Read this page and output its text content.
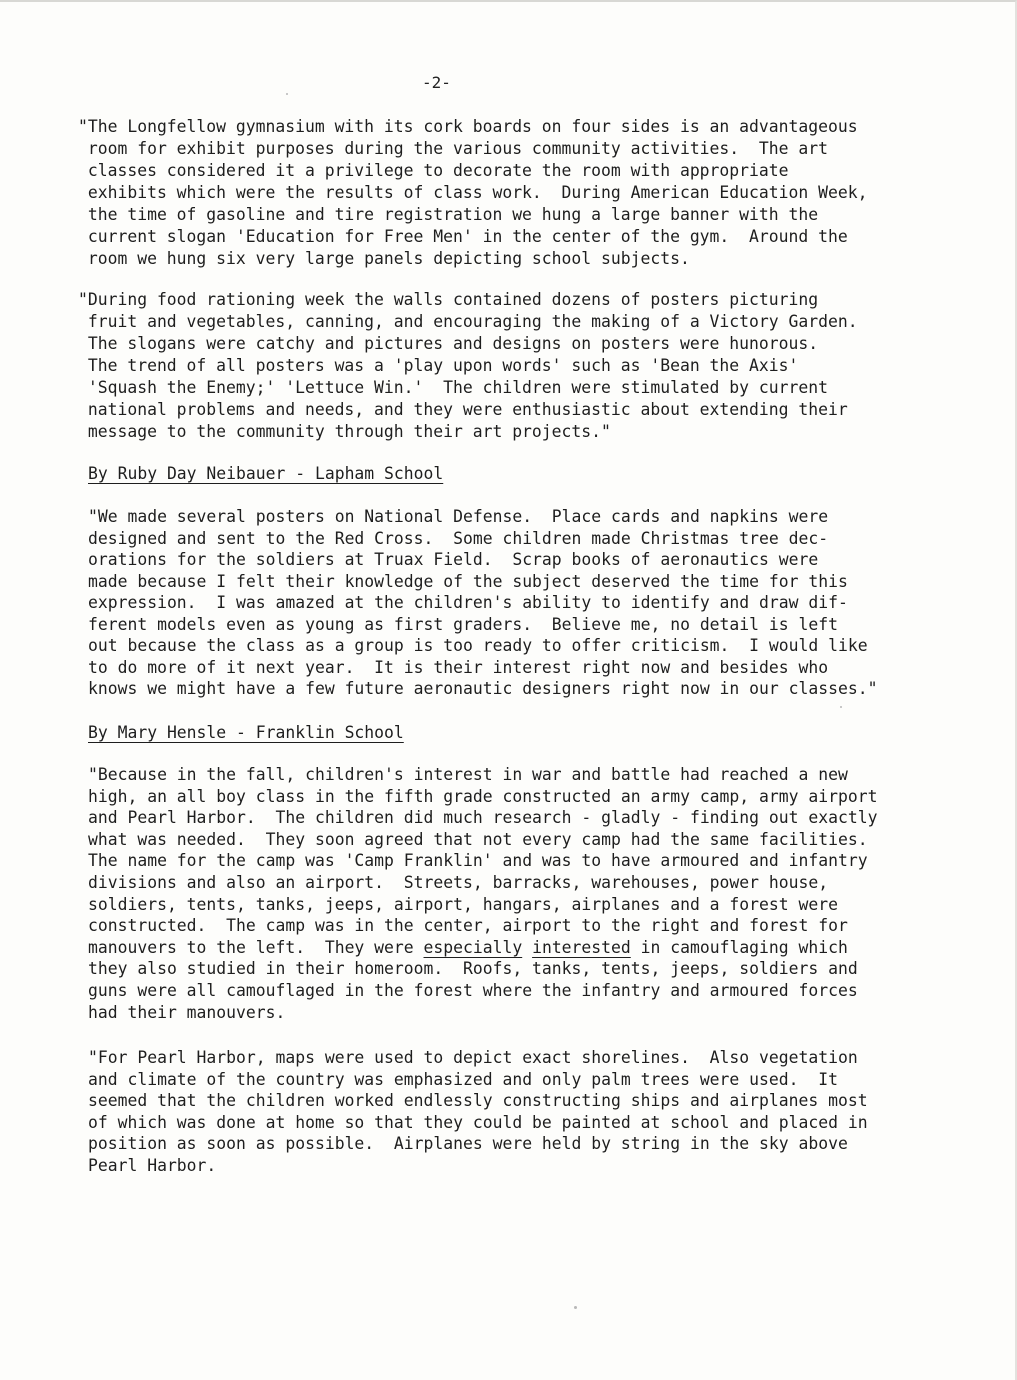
-2-

"The Longfellow gymnasium with its cork boards on four sides is an advantageous

room for exhibit purposes during the various community activities.  The art

classes considered it a privilege to decorate the room with appropriate

exhibits which were the results of class work.  During American Education Week,

the time of gasoline and tire registration we hung a large banner with the

current slogan 'Education for Free Men' in the center of the gym.  Around the

room we hung six very large panels depicting school subjects.

"During food rationing week the walls contained dozens of posters picturing

fruit and vegetables, canning, and encouraging the making of a Victory Garden.

The slogans were catchy and pictures and designs on posters were hunorous.

The trend of all posters was a 'play upon words' such as 'Bean the Axis'

'Squash the Enemy;' 'Lettuce Win.'  The children were stimulated by current

national problems and needs, and they were enthusiastic about extending their

message to the community through their art projects."

By Ruby Day Neibauer - Lapham School

"We made several posters on National Defense.  Place cards and napkins were

designed and sent to the Red Cross.  Some children made Christmas tree dec-

orations for the soldiers at Truax Field.  Scrap books of aeronautics were

made because I felt their knowledge of the subject deserved the time for this

expression.  I was amazed at the children's ability to identify and draw dif-

ferent models even as young as first graders.  Believe me, no detail is left

out because the class as a group is too ready to offer criticism.  I would like

to do more of it next year.  It is their interest right now and besides who

knows we might have a few future aeronautic designers right now in our classes."

By Mary Hensle - Franklin School

"Because in the fall, children's interest in war and battle had reached a new

high, an all boy class in the fifth grade constructed an army camp, army airport

and Pearl Harbor.  The children did much research - gladly - finding out exactly

what was needed.  They soon agreed that not every camp had the same facilities.

The name for the camp was 'Camp Franklin' and was to have armoured and infantry

divisions and also an airport.  Streets, barracks, warehouses, power house,

soldiers, tents, tanks, jeeps, airport, hangars, airplanes and a forest were

constructed.  The camp was in the center, airport to the right and forest for

manouvers to the left.  They were especially interested in camouflaging which

they also studied in their homeroom.  Roofs, tanks, tents, jeeps, soldiers and

guns were all camouflaged in the forest where the infantry and armoured forces

had their manouvers.

"For Pearl Harbor, maps were used to depict exact shorelines.  Also vegetation

and climate of the country was emphasized and only palm trees were used.  It

seemed that the children worked endlessly constructing ships and airplanes most

of which was done at home so that they could be painted at school and placed in

position as soon as possible.  Airplanes were held by string in the sky above

Pearl Harbor.
